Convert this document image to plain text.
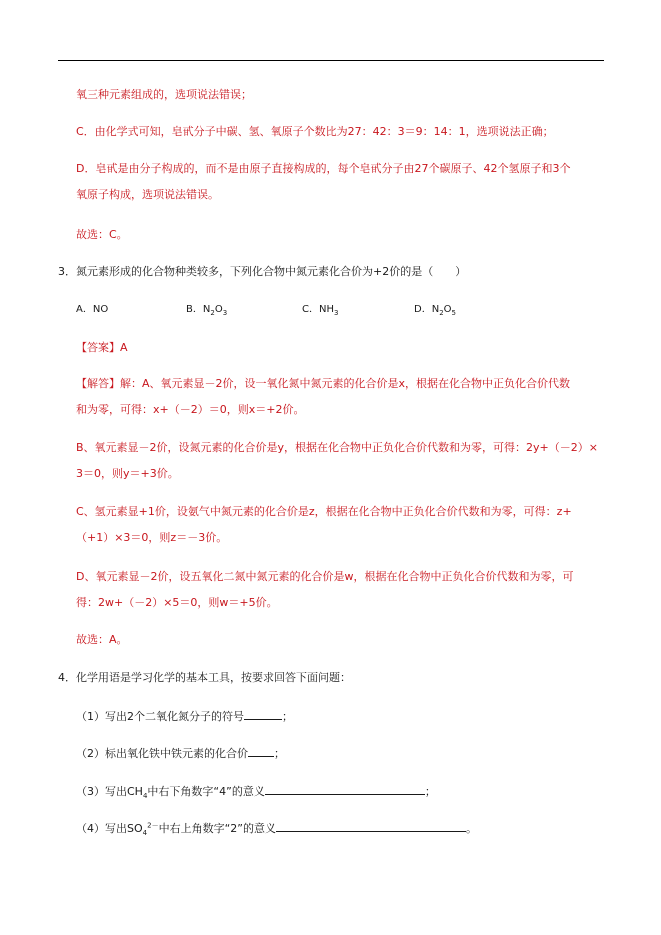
氧三种元素组成的，选项说法错误；
C．由化学式可知，皂甙分子中碳、氢、氧原子个数比为27：42：3＝9：14：1，选项说法正确；
D．皂甙是由分子构成的，而不是由原子直接构成的，每个皂甙分子由27个碳原子、42个氢原子和3个
氧原子构成，选项说法错误。
故选：C。
3．氮元素形成的化合物种类较多，下列化合物中氮元素化合价为+2价的是（　　）
A．NO	B．$N_2O_3$	C．$NH_3$	D．$N_2O_5$
【答案】A
【解答】解：A、氧元素显－2价，设一氧化氮中氮元素的化合价是x，根据在化合物中正负化合价代数
和为零，可得：x+（－2）＝0，则x＝+2价。
B、氧元素显－2价，设氮元素的化合价是y，根据在化合物中正负化合价代数和为零，可得：2y+（－2）×
3＝0，则y＝+3价。
C、氢元素显+1价，设氨气中氮元素的化合价是z，根据在化合物中正负化合价代数和为零，可得：z+
（+1）×3＝0，则z＝－3价。
D、氧元素显－2价，设五氧化二氮中氮元素的化合价是w，根据在化合物中正负化合价代数和为零，可
得：2w+（－2）×5＝0，则w＝+5价。
故选：A。
4．化学用语是学习化学的基本工具，按要求回答下面问题：
（1）写出2个二氧化氮分子的符号	；
（2）标出氧化铁中铁元素的化合价 ；
（3）写出$CH_4$中右下角数字“4”的意义	；
（4）写出$SO_4^{2-}$中右上角数字“2”的意义	。
